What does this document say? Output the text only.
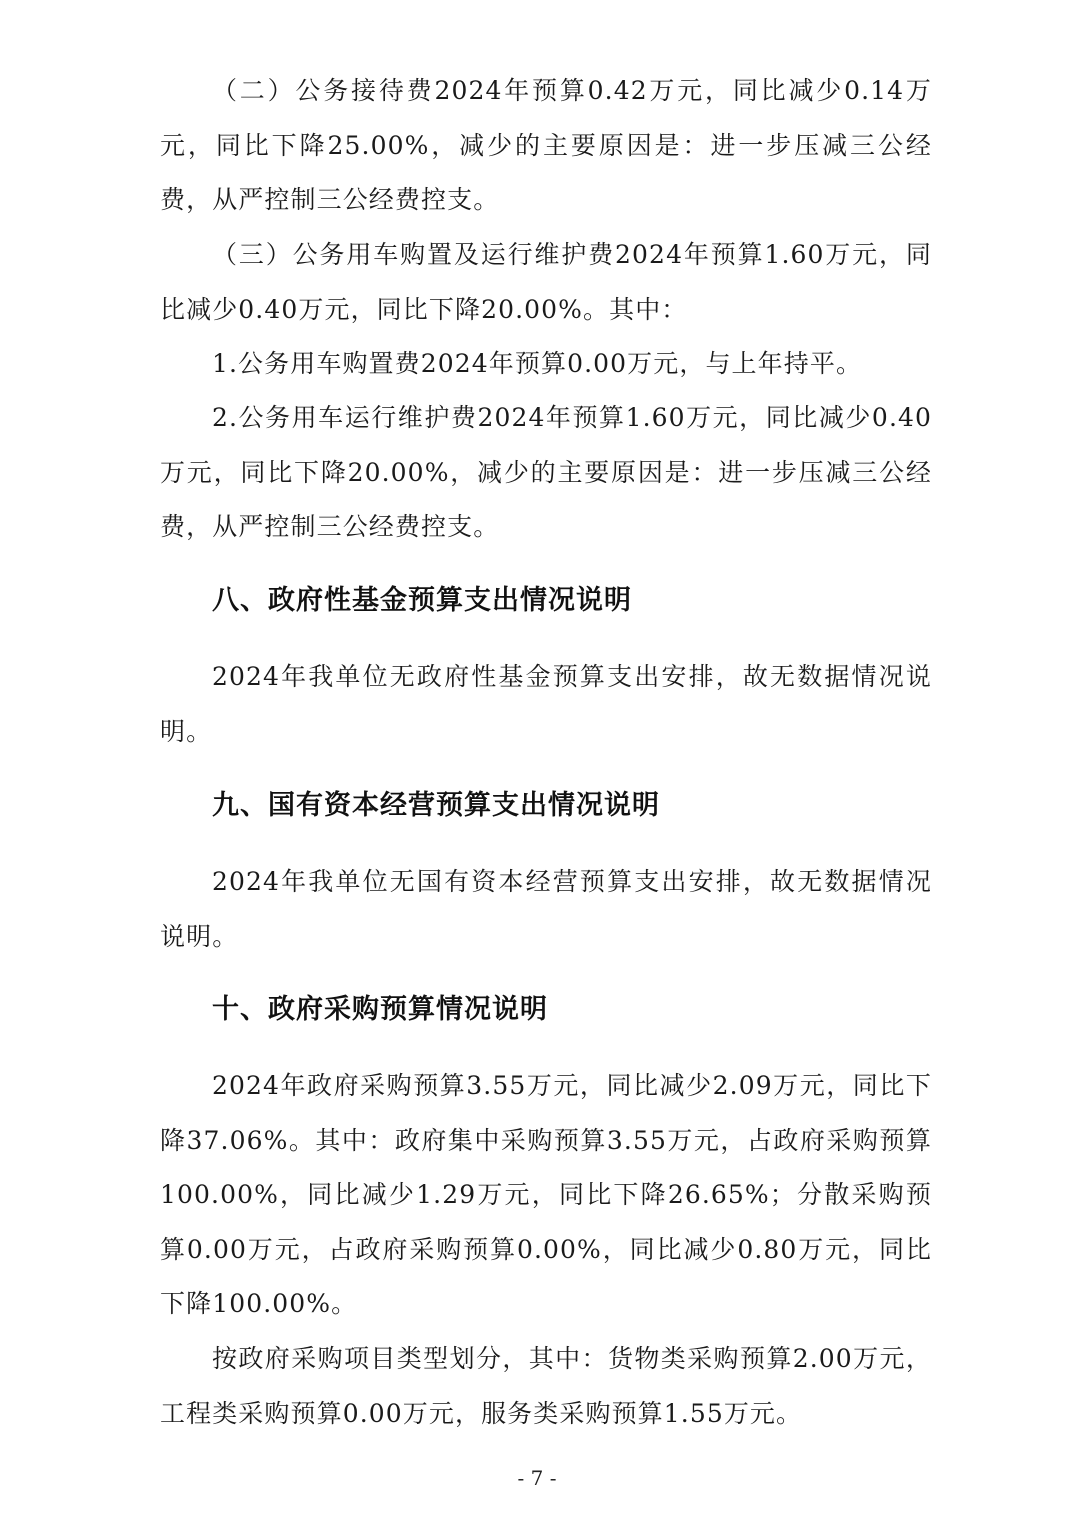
（二）公务接待费2024年预算0.42万元，同比减少0.14万元，同比下降25.00%，减少的主要原因是：进一步压减三公经费，从严控制三公经费控支。

（三）公务用车购置及运行维护费2024年预算1.60万元，同比减少0.40万元，同比下降20.00%。其中：

1.公务用车购置费2024年预算0.00万元，与上年持平。

2.公务用车运行维护费2024年预算1.60万元，同比减少0.40万元，同比下降20.00%，减少的主要原因是：进一步压减三公经费，从严控制三公经费控支。

八、政府性基金预算支出情况说明

2024年我单位无政府性基金预算支出安排，故无数据情况说明。

九、国有资本经营预算支出情况说明

2024年我单位无国有资本经营预算支出安排，故无数据情况说明。

十、政府采购预算情况说明

2024年政府采购预算3.55万元，同比减少2.09万元，同比下降37.06%。其中：政府集中采购预算3.55万元，占政府采购预算100.00%，同比减少1.29万元，同比下降26.65%；分散采购预算0.00万元，占政府采购预算0.00%，同比减少0.80万元，同比下降100.00%。

按政府采购项目类型划分，其中：货物类采购预算2.00万元，工程类采购预算0.00万元，服务类采购预算1.55万元。

- 7 -
